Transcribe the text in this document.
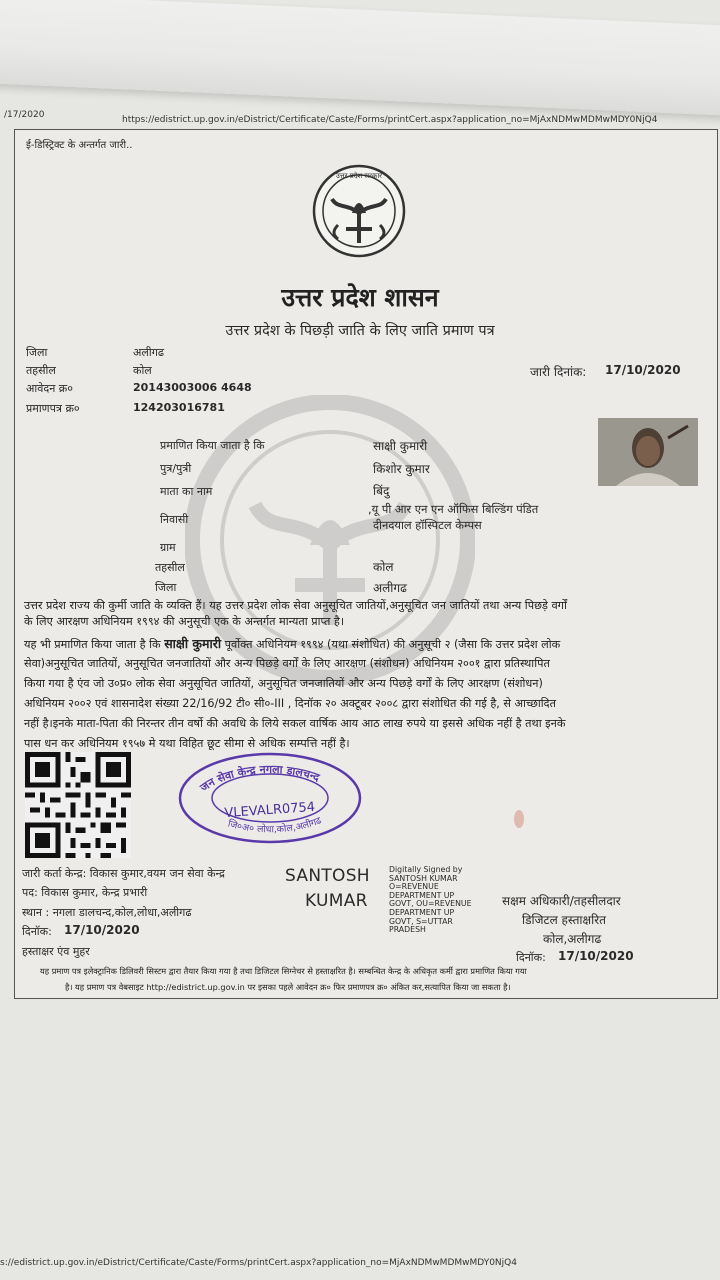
/17/2020	https://edistrict.up.gov.in/eDistrict/Certificate/Caste/Forms/printCert.aspx?application_no=MjAxNDMwMDMwMDY0NjQ4
ई-डिस्ट्रिक्ट के अन्तर्गत जारी..
उत्तर प्रदेश सरकार
उत्तर प्रदेश शासन
उत्तर प्रदेश के पिछड़ी जाति के लिए जाति प्रमाण पत्र
जिला	अलीगढ
तहसील	कोल
आवेदन क्र०	20143003006 4648
प्रमाणपत्र क्र०	124203016781
जारी दिनांक: 17/10/2020
प्रमाणित किया जाता है कि	साक्षी कुमारी
पुत्र/पुत्री	किशोर कुमार
माता का नाम	बिंदु
निवासी
,यू पी आर एन एन ऑफिस बिल्डिंग पंडित
दीनदयाल हॉस्पिटल केम्पस
ग्राम
तहसील	कोल
जिला	अलीगढ
उत्तर प्रदेश राज्य की कुर्मी जाति के व्यक्ति हैं। यह उत्तर प्रदेश लोक सेवा अनुसूचित जातियों,अनुसूचित जन जातियों तथा अन्य पिछड़े वर्गों
के लिए आरक्षण अधिनियम १९९४ की अनुसूची एक के अन्तर्गत मान्यता प्राप्त है।
यह भी प्रमाणित किया जाता है कि साक्षी कुमारी पूर्वोक्त अधिनियम १९९४ (यथा संशोधित) की अनुसूची २ (जैसा कि उत्तर प्रदेश लोक
सेवा)अनुसूचित जातियों, अनुसूचित जनजातियों और अन्य पिछड़े वर्गों के लिए आरक्षण (संशोधन) अधिनियम २००१ द्वारा प्रतिस्थापित
किया गया है एंव जो उ०प्र० लोक सेवा अनुसूचित जातियों, अनुसूचित जनजातियों और अन्य पिछड़े वर्गों के लिए आरक्षण (संशोधन)
अधिनियम २००२ एवं शासनादेश संख्या 22/16/92 टी० सी०-III , दिनॉक २० अक्टूबर २००८ द्वारा संशोधित की गई है, से आच्छादित
नहीं है।इनके माता-पिता की निरन्तर तीन वर्षो की अवधि के लिये सकल वार्षिक आय आठ लाख रुपये या इससे अधिक नहीं है तथा इनके
पास धन कर अधिनियम १९५७ मे यथा विहित छूट सीमा से अधिक सम्पत्ति नहीं है।
जन सेवा केन्द्र नगला डालचन्द
जि०अ० लोधा,कोल,अलीगढ
VLEVALR0754
जारी कर्ता केन्द्र: विकास कुमार,वयम जन सेवा केन्द्र
पद: विकास कुमार, केन्द्र प्रभारी
स्थान : नगला डालचन्द,कोल,लोधा,अलीगढ
दिनॉक: 17/10/2020
हस्ताक्षर एंव मुहर
SANTOSH
KUMAR
Digitally Signed by
SANTOSH KUMAR
O=REVENUE
DEPARTMENT UP
GOVT, OU=REVENUE
DEPARTMENT UP
GOVT, S=UTTAR
PRADESH
सक्षम अधिकारी/तहसीलदार
डिजिटल हस्ताक्षरित
कोल,अलीगढ
दिनॉक: 17/10/2020
यह प्रमाण पत्र इलेक्ट्रानिक डिलिवरी सिस्टम द्वारा तैयार किया गया है तथा डिजिटल सिग्नेचर से हस्ताक्षरित है। सम्बन्धित केन्द्र के अधिकृत कर्मी द्वारा प्रमाणित किया गया
है। यह प्रमाण पत्र वेबसाइट http://edistrict.up.gov.in पर इसका पहले आवेदन क्र० फिर प्रमाणपत्र क्र० अंकित कर,सत्यापित किया जा सकता है।
s://edistrict.up.gov.in/eDistrict/Certificate/Caste/Forms/printCert.aspx?application_no=MjAxNDMwMDMwMDY0NjQ4
